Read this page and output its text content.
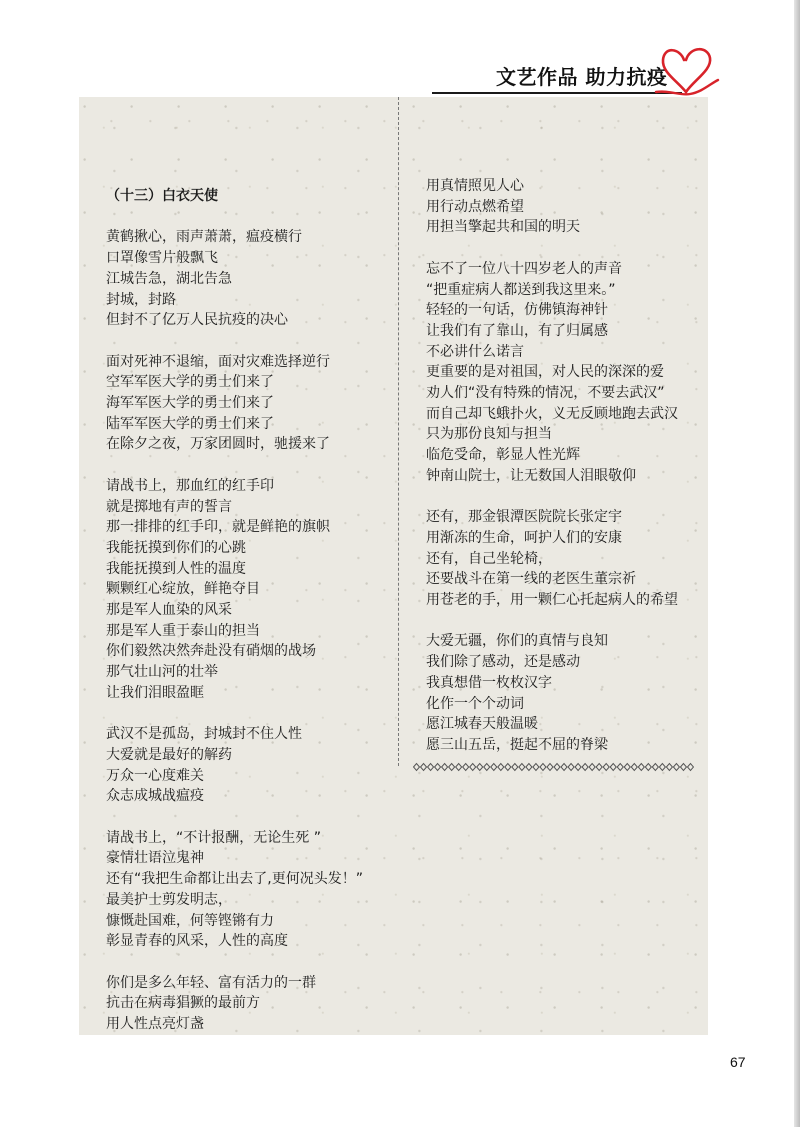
文艺作品 助力抗疫
（十三）白衣天使
黄鹤揪心，雨声萧萧，瘟疫横行
口罩像雪片般飘飞
江城告急，湖北告急
封城，封路
但封不了亿万人民抗疫的决心
面对死神不退缩，面对灾难选择逆行
空军军医大学的勇士们来了
海军军医大学的勇士们来了
陆军军医大学的勇士们来了
在除夕之夜，万家团圆时，驰援来了
请战书上，那血红的红手印
就是掷地有声的誓言
那一排排的红手印，就是鲜艳的旗帜
我能抚摸到你们的心跳
我能抚摸到人性的温度
颗颗红心绽放，鲜艳夺目
那是军人血染的风采
那是军人重于泰山的担当
你们毅然决然奔赴没有硝烟的战场
那气壮山河的壮举
让我们泪眼盈眶
武汉不是孤岛，封城封不住人性
大爱就是最好的解药
万众一心度难关
众志成城战瘟疫
请战书上，“不计报酬，无论生死 ”
豪情壮语泣鬼神
还有“我把生命都让出去了,更何况头发！”
最美护士剪发明志，
慷慨赴国难，何等铿锵有力
彰显青春的风采，人性的高度
你们是多么年轻、富有活力的一群
抗击在病毒猖獗的最前方
用人性点亮灯盏
用真情照见人心
用行动点燃希望
用担当擎起共和国的明天
忘不了一位八十四岁老人的声音
“把重症病人都送到我这里来。”
轻轻的一句话，仿佛镇海神针
让我们有了靠山，有了归属感
不必讲什么诺言
更重要的是对祖国，对人民的深深的爱
劝人们“没有特殊的情况，不要去武汉”
而自己却飞蛾扑火，义无反顾地跑去武汉
只为那份良知与担当
临危受命，彰显人性光辉
钟南山院士，让无数国人泪眼敬仰
还有，那金银潭医院院长张定宇
用渐冻的生命，呵护人们的安康
还有，自己坐轮椅，
还要战斗在第一线的老医生董宗祈
用苍老的手，用一颗仁心托起病人的希望
大爱无疆，你们的真情与良知
我们除了感动，还是感动
我真想借一枚枚汉字
化作一个个动词
愿江城春天般温暖
愿三山五岳，挺起不屈的脊梁
67
